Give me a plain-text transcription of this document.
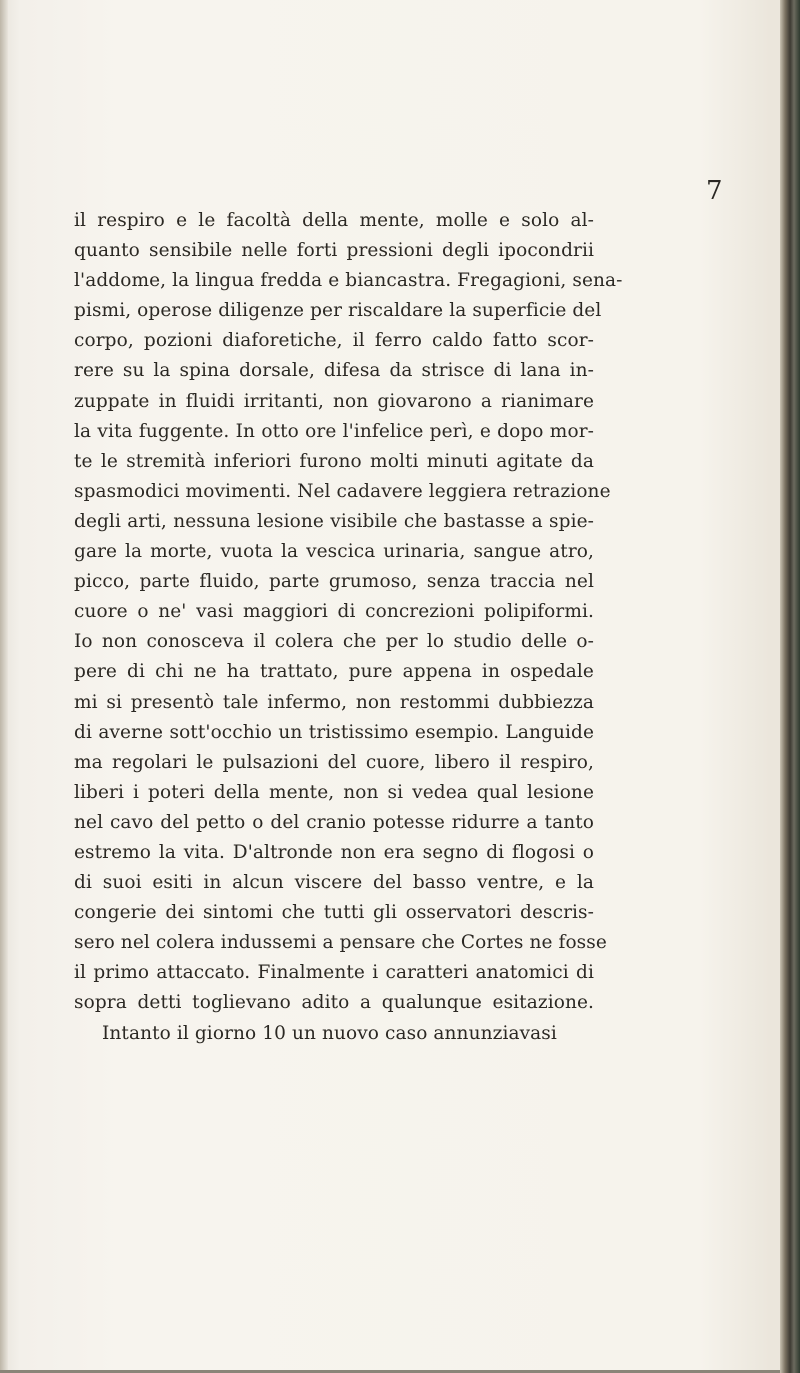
7
il respiro e le facoltà della mente, molle e solo al-
quanto sensibile nelle forti pressioni degli ipocondrii
l'addome, la lingua fredda e biancastra. Fregagioni, sena-
pismi, operose diligenze per riscaldare la superficie del
corpo, pozioni diaforetiche, il ferro caldo fatto scor-
rere su la spina dorsale, difesa da strisce di lana in-
zuppate in fluidi irritanti, non giovarono a rianimare
la vita fuggente. In otto ore l'infelice perì, e dopo mor-
te le stremità inferiori furono molti minuti agitate da
spasmodici movimenti. Nel cadavere leggiera retrazione
degli arti, nessuna lesione visibile che bastasse a spie-
gare la morte, vuota la vescica urinaria, sangue atro,
picco, parte fluido, parte grumoso, senza traccia nel
cuore o ne' vasi maggiori di concrezioni polipiformi.
Io non conosceva il colera che per lo studio delle o-
pere di chi ne ha trattato, pure appena in ospedale
mi si presentò tale infermo, non restommi dubbiezza
di averne sott'occhio un tristissimo esempio. Languide
ma regolari le pulsazioni del cuore, libero il respiro,
liberi i poteri della mente, non si vedea qual lesione
nel cavo del petto o del cranio potesse ridurre a tanto
estremo la vita. D'altronde non era segno di flogosi o
di suoi esiti in alcun viscere del basso ventre, e la
congerie dei sintomi che tutti gli osservatori descris-
sero nel colera indussemi a pensare che Cortes ne fosse
il primo attaccato. Finalmente i caratteri anatomici di
sopra detti toglievano adito a qualunque esitazione.
Intanto il giorno 10 un nuovo caso annunziavasi
